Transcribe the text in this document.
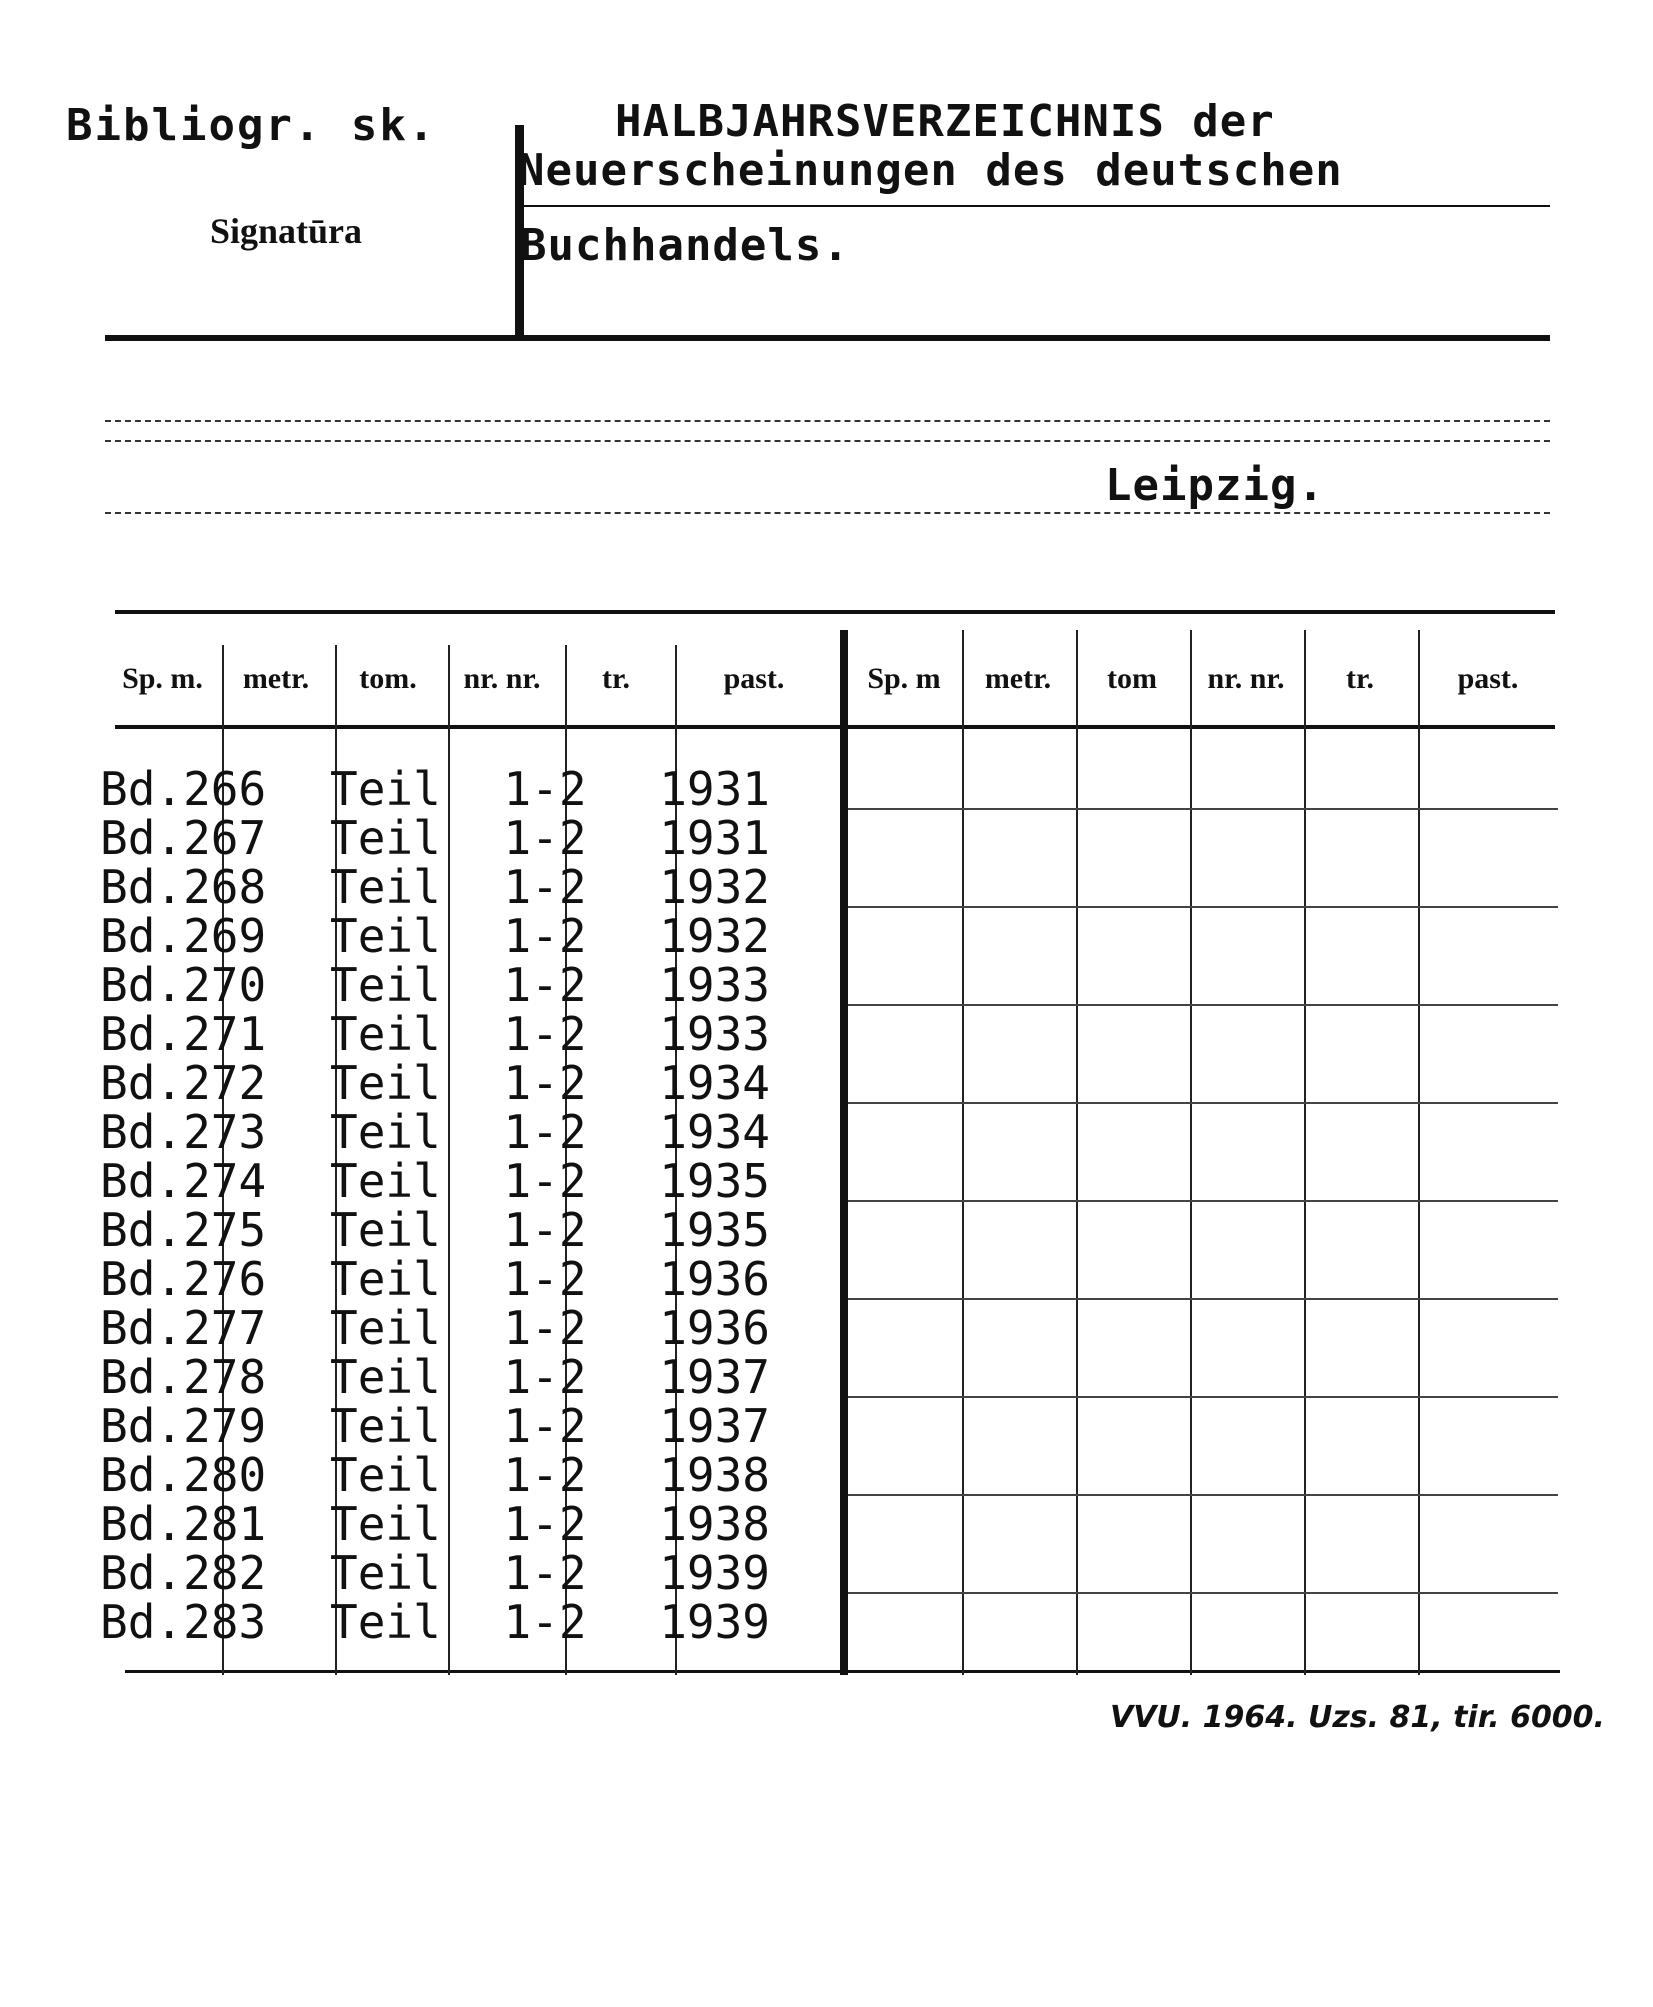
Bibliogr. sk.
Signatūra
HALBJAHRSVERZEICHNIS der
Neuerscheinungen des deutschen
Buchhandels.
Leipzig.
Sp. m.	metr.	tom.	nr. nr.	tr.	past.	Sp. m	metr.	tom	nr. nr.	tr.	past.
Bd.266 Teil 1-2 1931
Bd.267 Teil 1-2 1931
Bd.268 Teil 1-2 1932
Bd.269 Teil 1-2 1932
Bd.270 Teil 1-2 1933
Bd.271 Teil 1-2 1933
Bd.272 Teil 1-2 1934
Bd.273 Teil 1-2 1934
Bd.274 Teil 1-2 1935
Bd.275 Teil 1-2 1935
Bd.276 Teil 1-2 1936
Bd.277 Teil 1-2 1936
Bd.278 Teil 1-2 1937
Bd.279 Teil 1-2 1937
Bd.280 Teil 1-2 1938
Bd.281 Teil 1-2 1938
Bd.282 Teil 1-2 1939
Bd.283 Teil 1-2 1939
VVU. 1964. Uzs. 81, tir. 6000.
